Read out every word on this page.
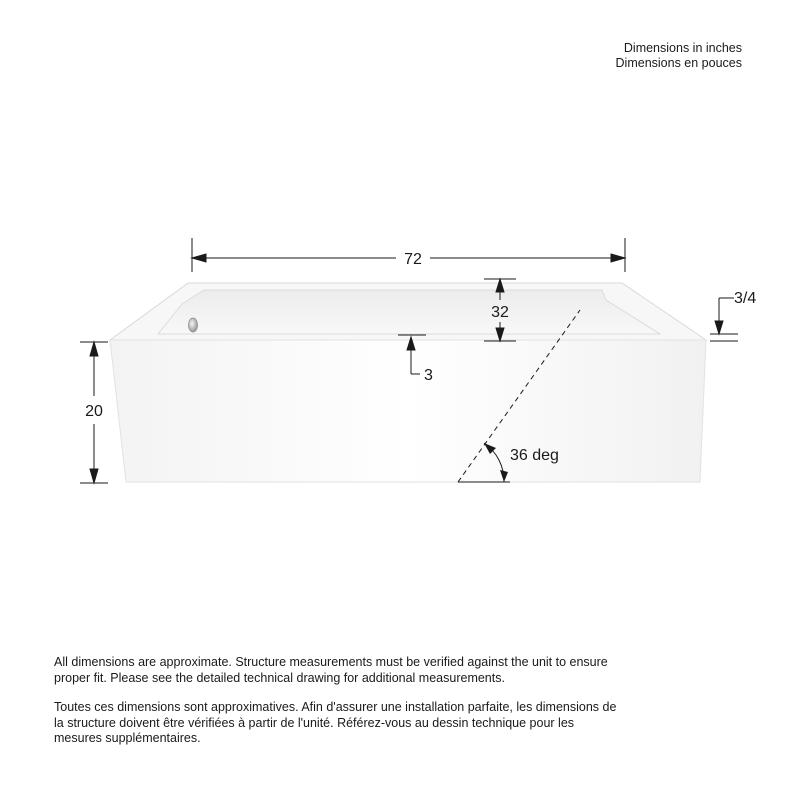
Dimensions in inches
Dimensions en pouces
72
32
3/4
20
3
36 deg

All dimensions are approximate. Structure measurements must be verified against the unit to ensure proper fit. Please see the detailed technical drawing for additional measurements.

Toutes ces dimensions sont approximatives. Afin d'assurer une installation parfaite, les dimensions de la structure doivent être vérifiées à partir de l'unité. Référez-vous au dessin technique pour les mesures supplémentaires.
